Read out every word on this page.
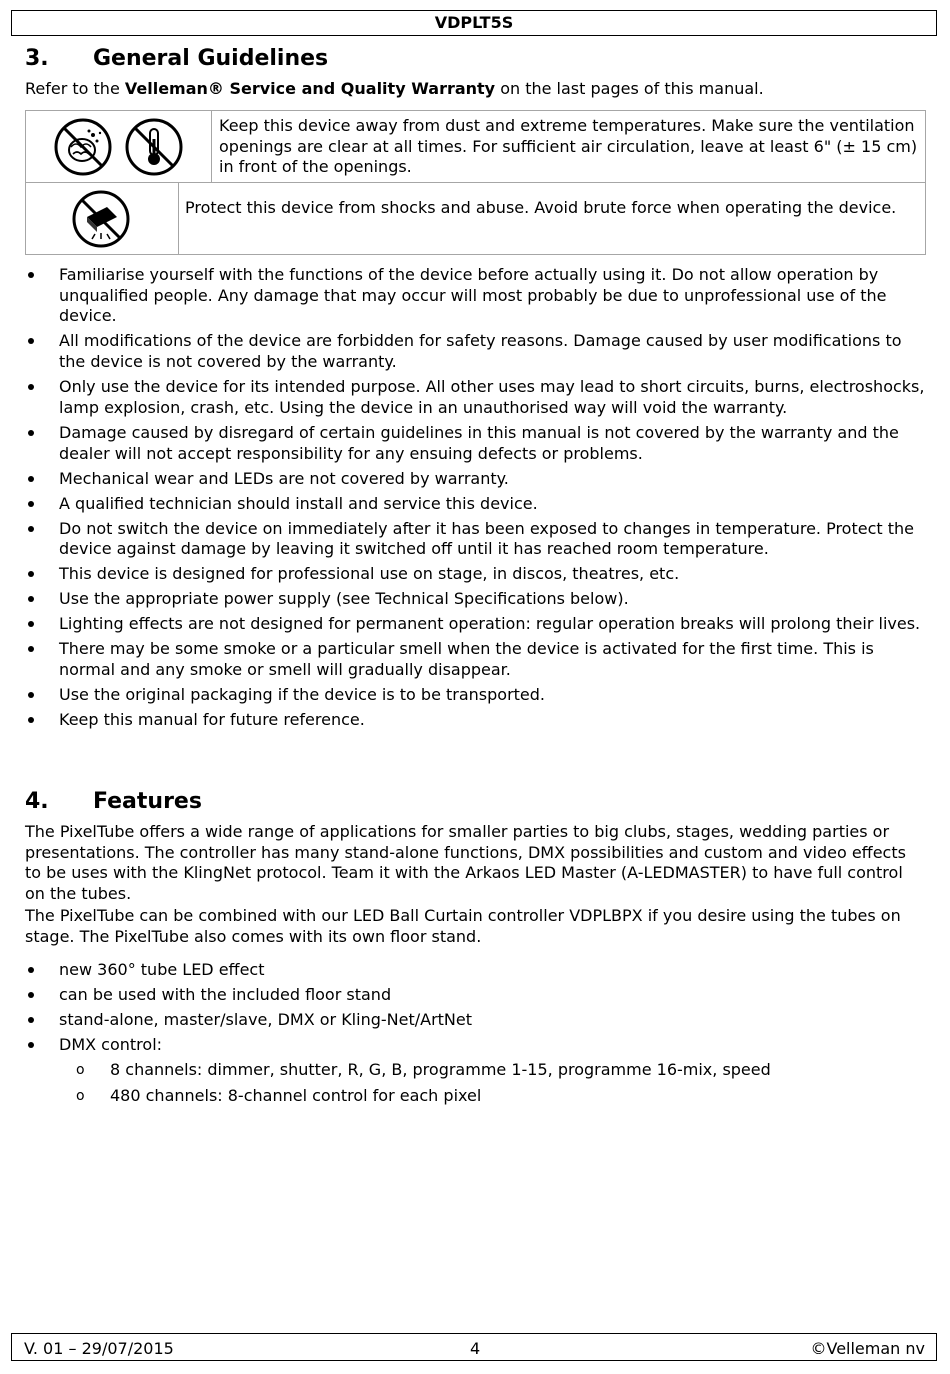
VDPLT5S
3. General Guidelines

Refer to the Velleman® Service and Quality Warranty on the last pages of this manual.

Keep this device away from dust and extreme temperatures. Make sure the ventilation openings are clear at all times. For sufficient air circulation, leave at least 6" (± 15 cm) in front of the openings.
Protect this device from shocks and abuse. Avoid brute force when operating the device.
Familiarise yourself with the functions of the device before actually using it. Do not allow operation by unqualified people. Any damage that may occur will most probably be due to unprofessional use of the device.
All modifications of the device are forbidden for safety reasons. Damage caused by user modifications to the device is not covered by the warranty.
Only use the device for its intended purpose. All other uses may lead to short circuits, burns, electroshocks, lamp explosion, crash, etc. Using the device in an unauthorised way will void the warranty.
Damage caused by disregard of certain guidelines in this manual is not covered by the warranty and the dealer will not accept responsibility for any ensuing defects or problems.
Mechanical wear and LEDs are not covered by warranty.
A qualified technician should install and service this device.
Do not switch the device on immediately after it has been exposed to changes in temperature. Protect the device against damage by leaving it switched off until it has reached room temperature.
This device is designed for professional use on stage, in discos, theatres, etc.
Use the appropriate power supply (see Technical Specifications below).
Lighting effects are not designed for permanent operation: regular operation breaks will prolong their lives.
There may be some smoke or a particular smell when the device is activated for the first time. This is normal and any smoke or smell will gradually disappear.
Use the original packaging if the device is to be transported.
Keep this manual for future reference.
4. Features

The PixelTube offers a wide range of applications for smaller parties to big clubs, stages, wedding parties or presentations. The controller has many stand-alone functions, DMX possibilities and custom and video effects to be uses with the KlingNet protocol. Team it with the Arkaos LED Master (A-LEDMASTER) to have full control on the tubes.

The PixelTube can be combined with our LED Ball Curtain controller VDPLBPX if you desire using the tubes on stage. The PixelTube also comes with its own floor stand.

new 360° tube LED effect
can be used with the included floor stand
stand-alone, master/slave, DMX or Kling-Net/ArtNet
DMX control:
o 8 channels: dimmer, shutter, R, G, B, programme 1-15, programme 16-mix, speed
o 480 channels: 8-channel control for each pixel
V. 01 – 29/07/2015	4	©Velleman nv
